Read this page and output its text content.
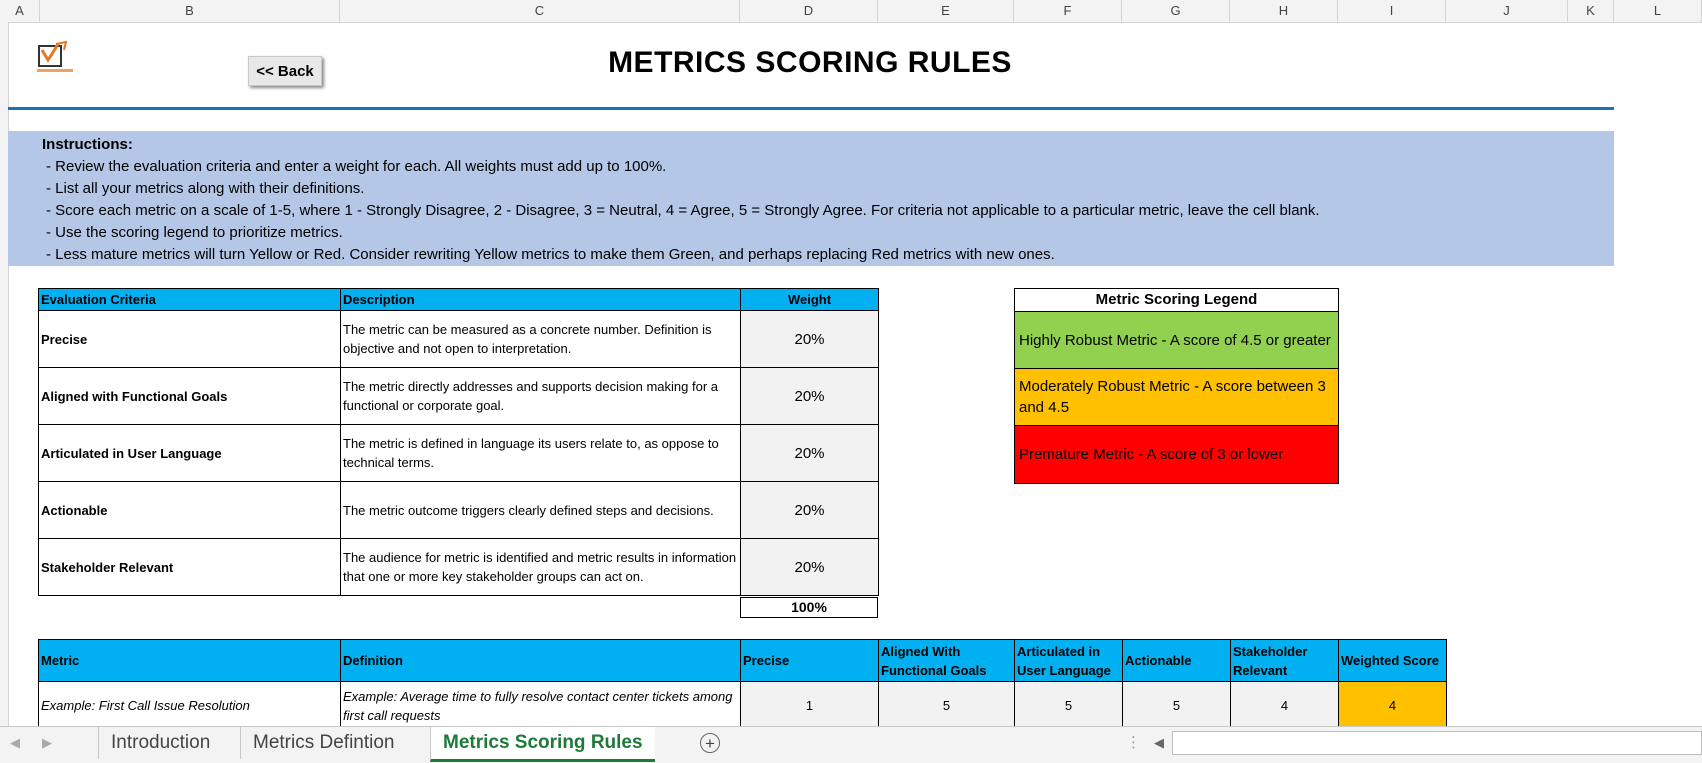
A	B	C	D	E	F	G	H	I	J	K	L
<< Back	METRICS SCORING RULES
Instructions:
- Review the evaluation criteria and enter a weight for each. All weights must add up to 100%.
- List all your metrics along with their definitions.
- Score each metric on a scale of 1-5, where 1 - Strongly Disagree, 2 - Disagree, 3 = Neutral, 4 = Agree, 5 = Strongly Agree. For criteria not applicable to a particular metric, leave the cell blank.
- Use the scoring legend to prioritize metrics.
- Less mature metrics will turn Yellow or Red. Consider rewriting Yellow metrics to make them Green, and perhaps replacing Red metrics with new ones.
Evaluation Criteria	Description	Weight
Precise	The metric can be measured as a concrete number. Definition is objective and not open to interpretation.	20%
Aligned with Functional Goals	The metric directly addresses and supports decision making for a functional or corporate goal.	20%
Articulated in User Language	The metric is defined in language its users relate to, as oppose to technical terms.	20%
Actionable	The metric outcome triggers clearly defined steps and decisions.	20%
Stakeholder Relevant	The audience for metric is identified and metric results in information that one or more key stakeholder groups can act on.	20%
100%
Metric Scoring Legend
Highly Robust Metric - A score of 4.5 or greater
Moderately Robust Metric - A score between 3 and 4.5
Premature Metric - A score of 3 or lower
Metric	Definition	Precise	Aligned With Functional Goals	Articulated in User Language	Actionable	Stakeholder Relevant	Weighted Score
Example: First Call Issue Resolution	Example: Average time to fully resolve contact center tickets among first call requests	1	5	5	5	4	4
◀ ▶	Introduction	Metrics Defintion	Metrics Scoring Rules	+	⋮ ◀
